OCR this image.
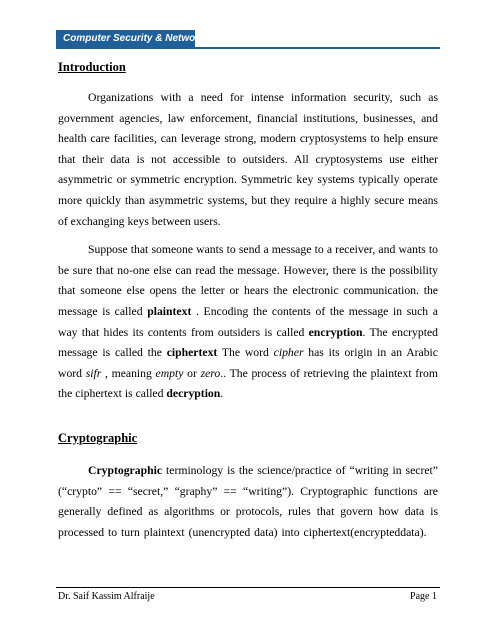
Computer Security & Network
Introduction

Organizations with a need for intense information security, such as government agencies, law enforcement, financial institutions, businesses, and health care facilities, can leverage strong, modern cryptosystems to help ensure that their data is not accessible to outsiders. All cryptosystems use either asymmetric or symmetric encryption. Symmetric key systems typically operate more quickly than asymmetric systems, but they require a highly secure means of exchanging keys between users.

Suppose that someone wants to send a message to a receiver, and wants to be sure that no-one else can read the message. However, there is the possibility that someone else opens the letter or hears the electronic communication. the message is called plaintext . Encoding the contents of the message in such a way that hides its contents from outsiders is called encryption. The encrypted message is called the ciphertext The word cipher has its origin in an Arabic word sifr , meaning empty or zero.. The process of retrieving the plaintext from the ciphertext is called decryption.

Cryptographic

Cryptographic terminology is the science/practice of “writing in secret” (“crypto” == “secret,” “graphy” == “writing”). Cryptographic functions are generally defined as algorithms or protocols, rules that govern how data is processed to turn plaintext (unencrypted data) into ciphertext(encrypteddata).

Dr. Saif Kassim Alfraije	Page 1
